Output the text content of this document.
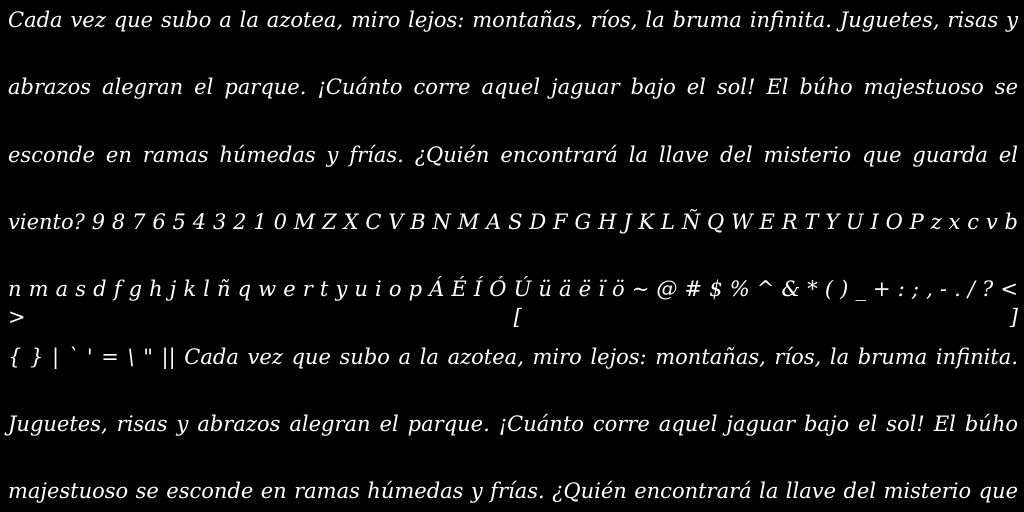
Cada vez que subo a la azotea, miro lejos: montañas, ríos, la bruma infinita. Juguetes, risas y
abrazos alegran el parque. ¡Cuánto corre aquel jaguar bajo el sol! El búho majestuoso se
esconde en ramas húmedas y frías. ¿Quién encontrará la llave del misterio que guarda el
viento? 9 8 7 6 5 4 3 2 1 0 M Z X C V B N M A S D F G H J K L Ñ Q W E R T Y U I O P z x c v b
n m a s d f g h j k l ñ q w e r t y u i o p Á É Í Ó Ú ü ä ë ï ö ~ @ # $ % ^ & * ( ) _ + : ; , - . / ? < > [ ]
{ } | ` ' = \ " || Cada vez que subo a la azotea, miro lejos: montañas, ríos, la bruma infinita.
Juguetes, risas y abrazos alegran el parque. ¡Cuánto corre aquel jaguar bajo el sol! El búho
majestuoso se esconde en ramas húmedas y frías. ¿Quién encontrará la llave del misterio que
